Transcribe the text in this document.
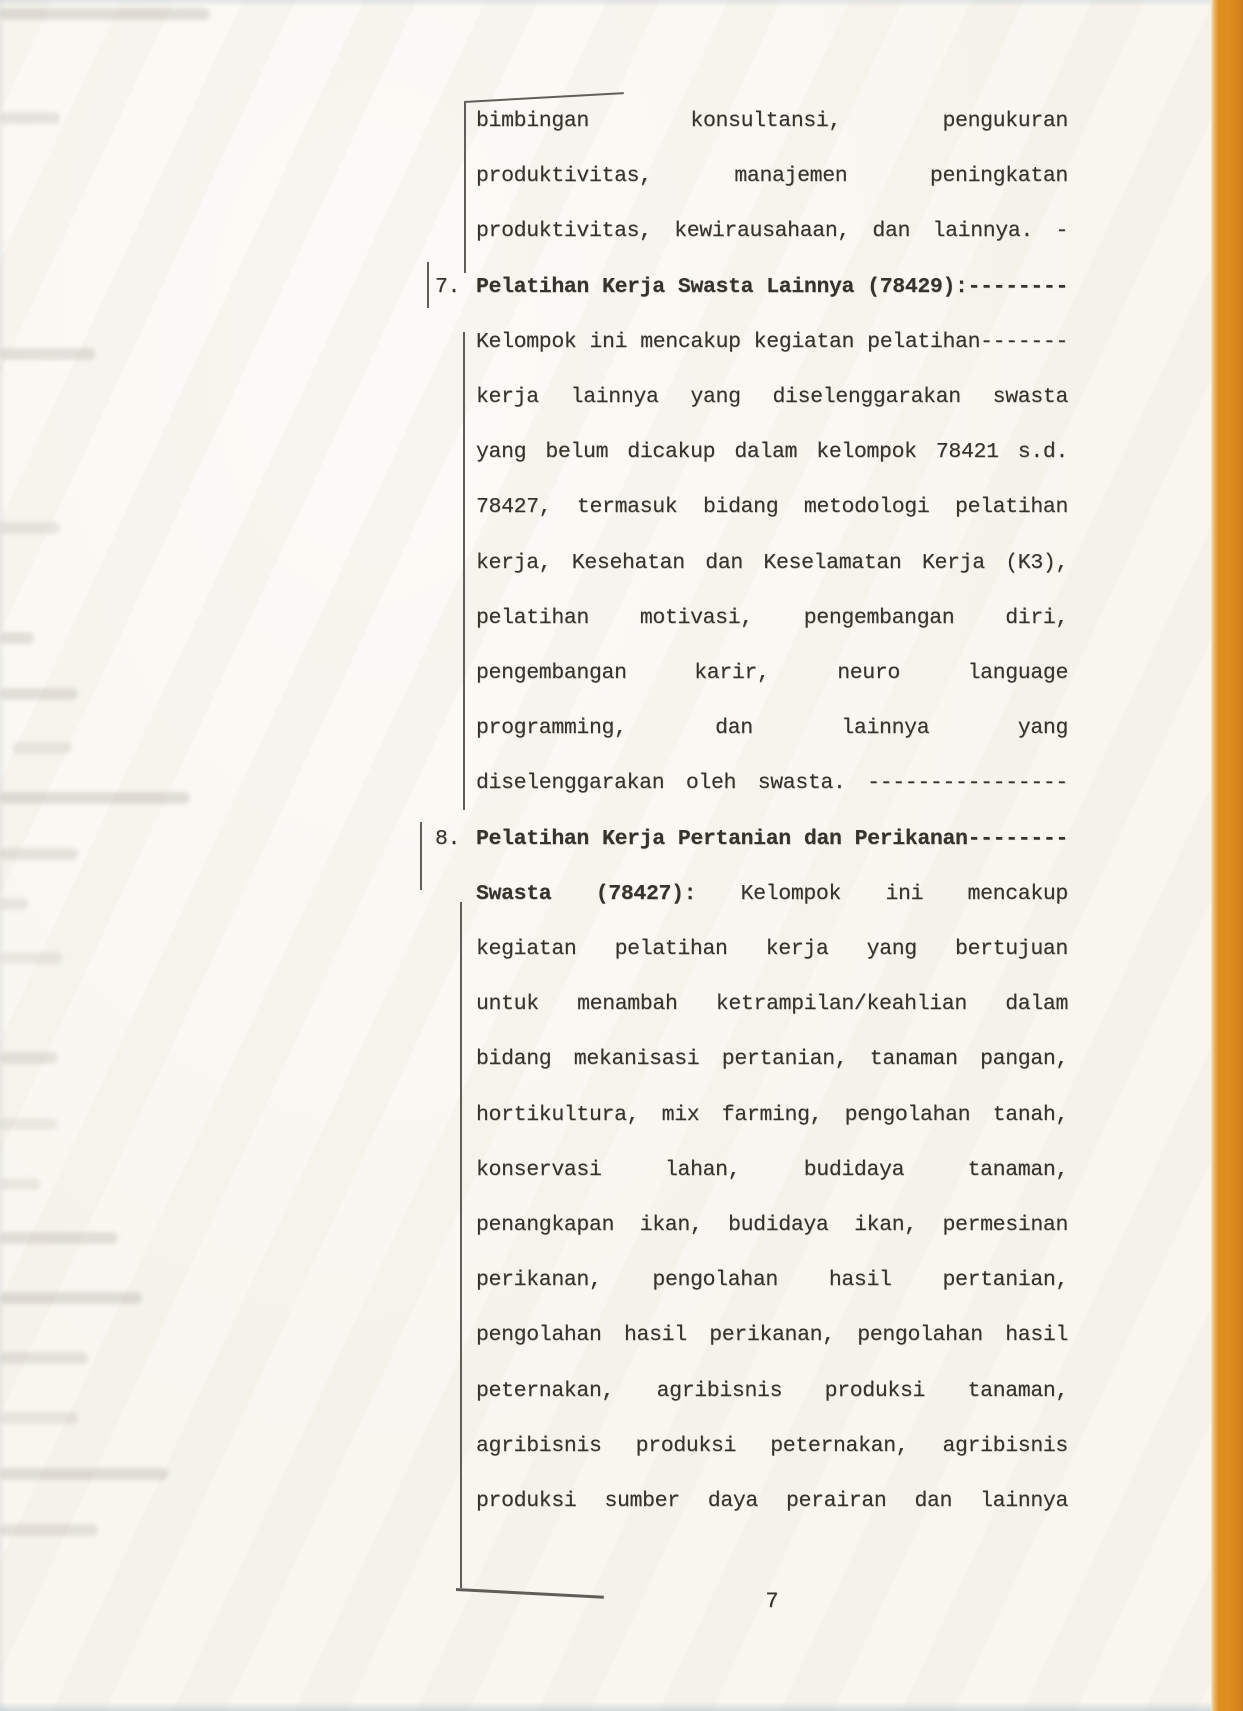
bimbingan konsultansi, pengukuran
produktivitas, manajemen peningkatan
produktivitas, kewirausahaan, dan lainnya. -
7. Pelatihan Kerja Swasta Lainnya (78429):--------
Kelompok ini mencakup kegiatan pelatihan-------
kerja lainnya yang diselenggarakan swasta
yang belum dicakup dalam kelompok 78421 s.d.
78427, termasuk bidang metodologi pelatihan
kerja, Kesehatan dan Keselamatan Kerja (K3),
pelatihan motivasi, pengembangan diri,
pengembangan karir, neuro language
programming, dan lainnya yang
diselenggarakan oleh swasta. ----------------
8. Pelatihan Kerja Pertanian dan Perikanan--------
Swasta (78427): Kelompok ini mencakup
kegiatan pelatihan kerja yang bertujuan
untuk menambah ketrampilan/keahlian dalam
bidang mekanisasi pertanian, tanaman pangan,
hortikultura, mix farming, pengolahan tanah,
konservasi lahan, budidaya tanaman,
penangkapan ikan, budidaya ikan, permesinan
perikanan, pengolahan hasil pertanian,
pengolahan hasil perikanan, pengolahan hasil
peternakan, agribisnis produksi tanaman,
agribisnis produksi peternakan, agribisnis
produksi sumber daya perairan dan lainnya
7
